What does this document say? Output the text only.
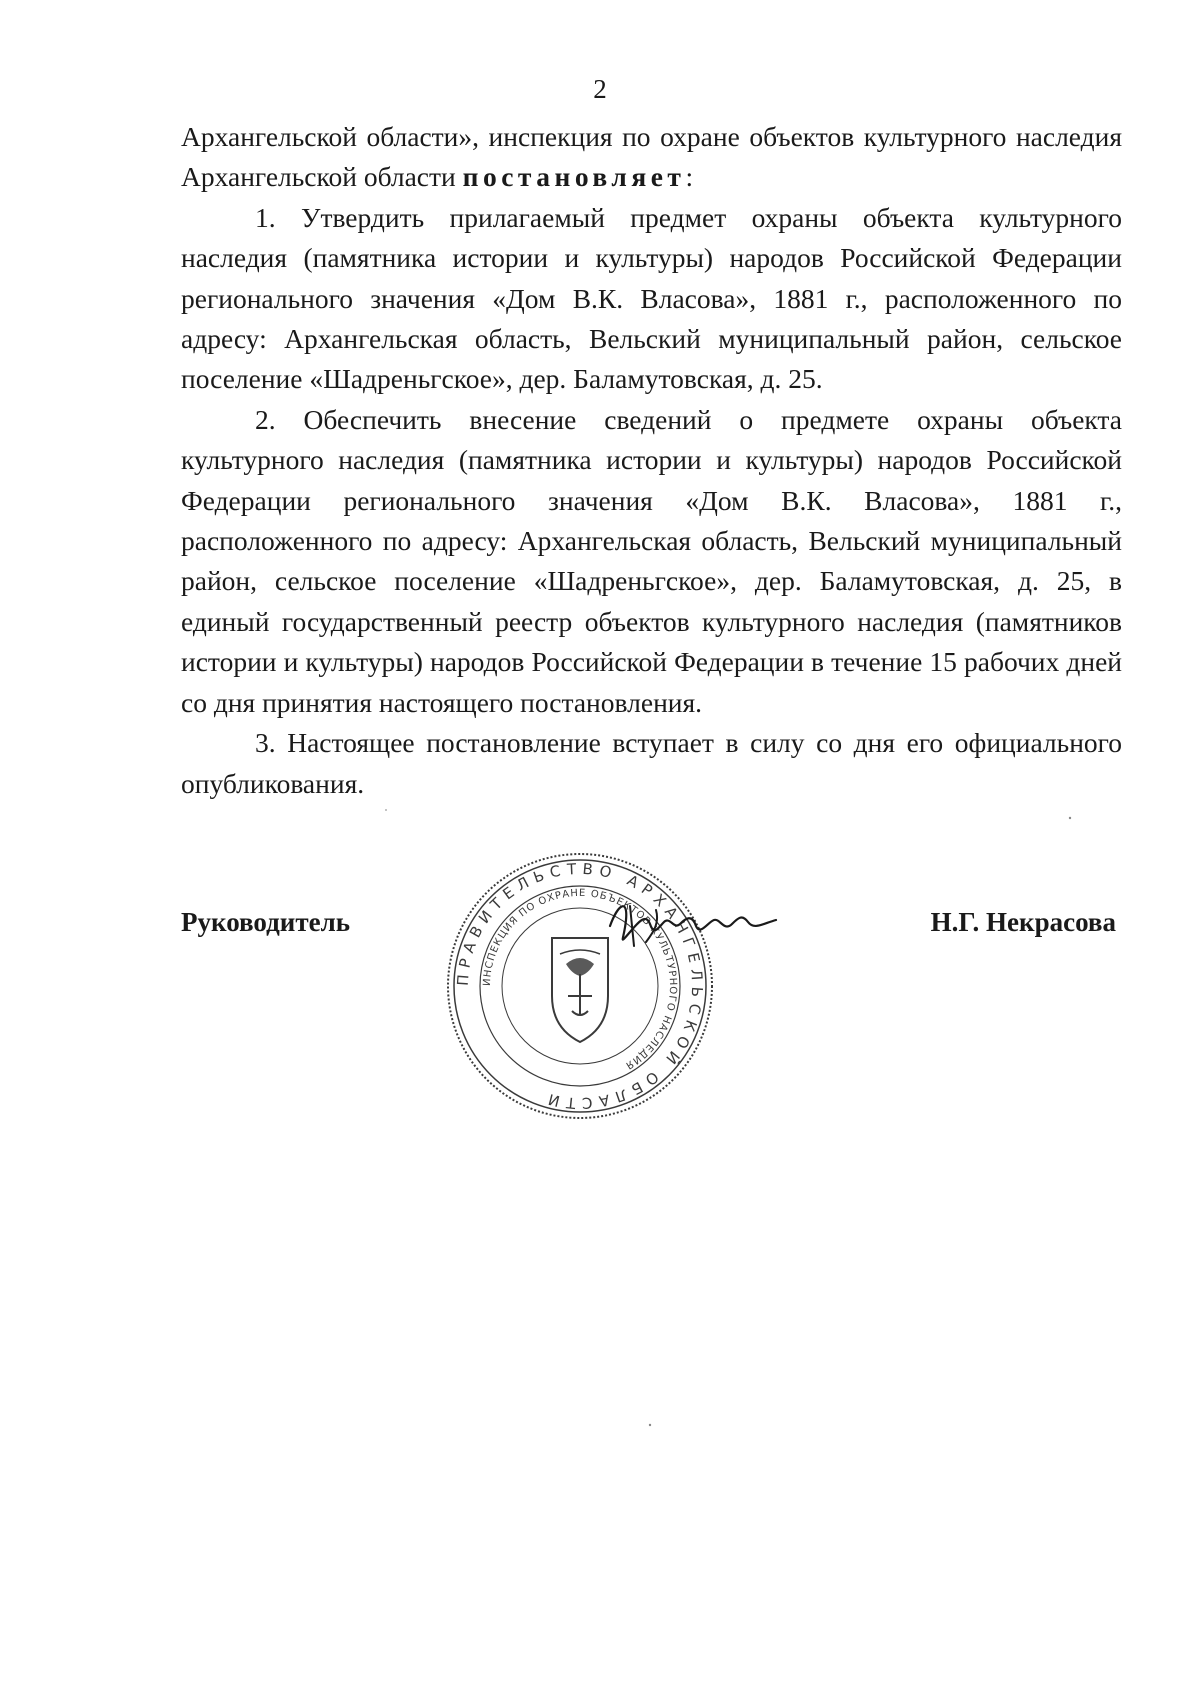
2

Архангельской области», инспекция по охране объектов культурного наследия Архангельской области постановляет:

1. Утвердить прилагаемый предмет охраны объекта культурного наследия (памятника истории и культуры) народов Российской Федерации регионального значения «Дом В.К. Власова», 1881 г., расположенного по адресу: Архангельская область, Вельский муниципальный район, сельское поселение «Шадреньгское», дер. Баламутовская, д. 25.

2. Обеспечить внесение сведений о предмете охраны объекта культурного наследия (памятника истории и культуры) народов Российской Федерации регионального значения «Дом В.К. Власова», 1881 г., расположенного по адресу: Архангельская область, Вельский муниципальный район, сельское поселение «Шадреньгское», дер. Баламутовская, д. 25, в единый государственный реестр объектов культурного наследия (памятников истории и культуры) народов Российской Федерации в течение 15 рабочих дней со дня принятия настоящего постановления.

3. Настоящее постановление вступает в силу со дня его официального опубликования.

ПРАВИТЕЛЬСТВО АРХАНГЕЛЬСКОЙ ОБЛАСТИ
ИНСПЕКЦИЯ ПО ОХРАНЕ ОБЪЕКТОВ КУЛЬТУРНОГО НАСЛЕДИЯ
Руководитель	Н.Г. Некрасова
